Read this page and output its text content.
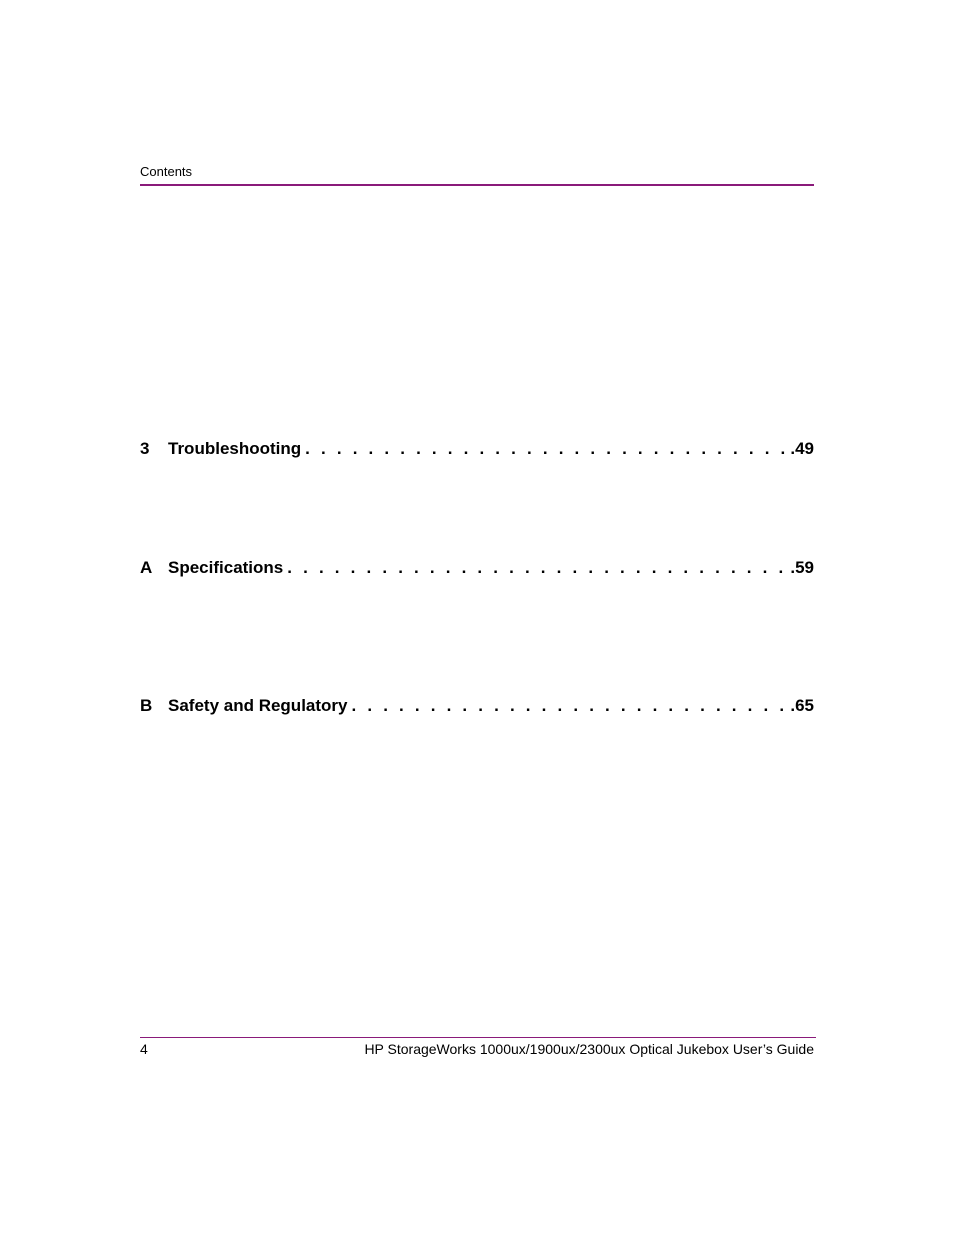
Contents
3	Troubleshooting . . .	.49
A Specifications . . .	.59
B Safety and Regulatory . . .	.65
4	HP StorageWorks 1000ux/1900ux/2300ux Optical Jukebox User’s Guide
